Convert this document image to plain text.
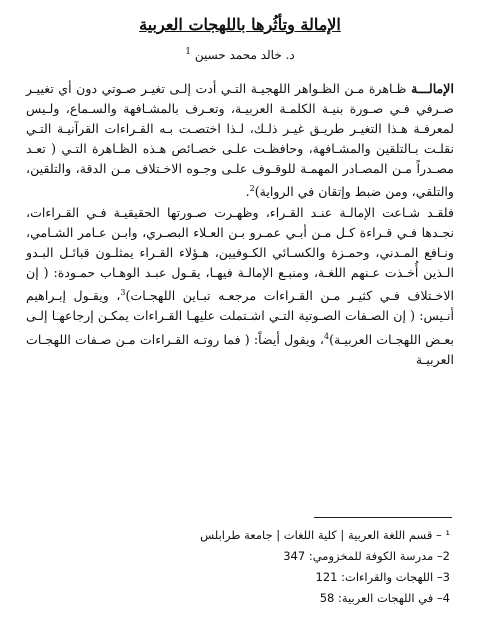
الإمالة وتأثُرها باللهجات العربية
د. خالد محمد حسين $^1$

الإمالـــة ظـاهرة مـن الظـواهر اللهجيـة التـي أدت إلـى تغيـر صـوتي دون أي تغييـر صـرفي فـي صـورة بنيـة الكلمـة العربيـة، وتعـرف بالمشـافهة والسـماع، ولـيس لمعرفـة هـذا التغيـر طريـق غيـر ذلـك، لـذا اختصـت بـه القـراءات القرآنيـة التـي نقلـت بـالتلقين والمشـافهة، وحافظـت علـى خصـائص هـذه الظـاهرة التـي ( تعـد مصـدراً مـن المصـادر المهمـة للوقـوف علـى وجـوه الاخـتلاف مـن الدقة، والتلقين، والتلقي، ومن ضبط وإتقان في الرواية)$^2$.

فلقـد شـاعت الإمالـة عنـد القـراء، وظهـرت صـورتها الحقيقيـة فـي القـراءات، نجـدها فـي قـراءة كـل مـن أبـي عمـرو بـن العـلاء البصـري، وابـن عـامر الشـامي، ونـافع المـدني، وحمـزة والكسـائي الكـوفيين، هـؤلاء القـراء يمثلـون قبائـل البـدو الـذين أُخـذت عـنهم اللغـة، ومنبـع الإمالـة فيهـا، يقـول عبـد الوهـاب حمـودة: ( إن الاخـتلاف فـي كثيـر مـن القـراءات مرجعـه تبـاين اللهجـات)$^3$، ويقـول إبـراهيم أنـيس: ( إن الصـفات الصـوتية التـي اشـتملت عليهـا القـراءات يمكـن إرجاعهـا إلـى بعـض اللهجـات العربيـة)$^4$، ويقول أيضاً: ( فما روتـه القـراءات مـن صـفات اللهجـات العربيـة

¹ – قسم اللغة العربية | كلية اللغات | جامعة طرابلس
2– مدرسة الكوفة للمخزومي: 347
3– اللهجات والقراءات: 121
4– في اللهجات العربية: 58
